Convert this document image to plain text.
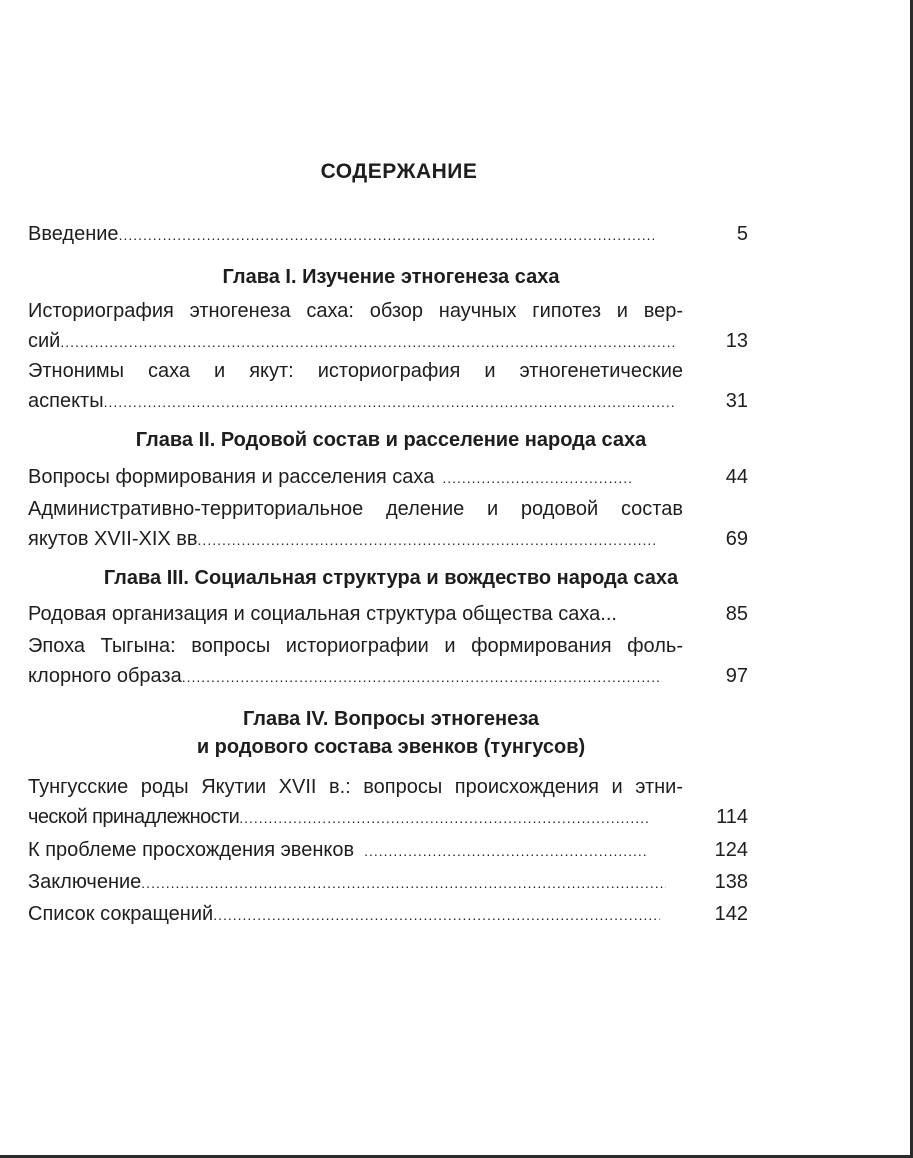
СОДЕРЖАНИЕ
Введение .....	5
Глава I. Изучение этногенеза саха
Историография этногенеза саха: обзор научных гипотез и вер-
сий .....	13
Этнонимы саха и якут: историография и этногенетические
аспекты .....	31
Глава II. Родовой состав и расселение народа саха
Вопросы формирования и расселения саха .....	44
Административно-территориальное деление и родовой состав
якутов XVII-XIX вв .....	69
Глава III. Социальная структура и вождество народа саха
Родовая организация и социальная структура общества саха...	85
Эпоха Тыгына: вопросы историографии и формирования фоль-
клорного образа .....	97
Глава IV. Вопросы этногенеза
и родового состава эвенков (тунгусов)
Тунгусские роды Якутии XVII в.: вопросы происхождения и этни-
ческой принадлежности .....	114
К проблеме просхождения эвенков .....	124
Заключение .....	138
Список сокращений .....	142
